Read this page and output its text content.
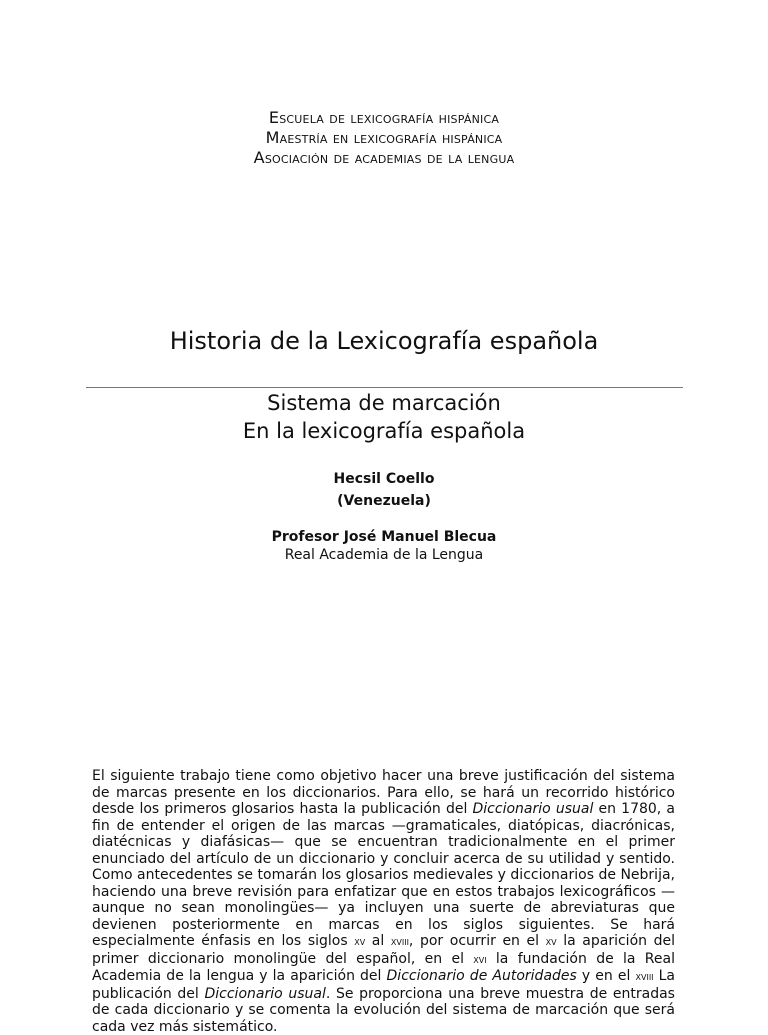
Escuela de lexicografía hispánica
Maestría en lexicografía hispánica
Asociación de academias de la lengua
Historia de la Lexicografía española
Sistema de marcación
En la lexicografía española
Hecsil Coello
(Venezuela)
Profesor José Manuel Blecua
Real Academia de la Lengua

El siguiente trabajo tiene como objetivo hacer una breve justificación del sistema de marcas presente en los diccionarios. Para ello, se hará un recorrido histórico desde los primeros glosarios hasta la publicación del Diccionario usual en 1780, a fin de entender el origen de las marcas —gramaticales, diatópicas, diacrónicas, diatécnicas y diafásicas— que se encuentran tradicionalmente en el primer enunciado del artículo de un diccionario y concluir acerca de su utilidad y sentido. Como antecedentes se tomarán los glosarios medievales y diccionarios de Nebrija, haciendo una breve revisión para enfatizar que en estos trabajos lexicográficos —aunque no sean monolingües— ya incluyen una suerte de abreviaturas que devienen posteriormente en marcas en los siglos siguientes. Se hará especialmente énfasis en los siglos xv al xviii, por ocurrir en el xv la aparición del primer diccionario monolingüe del español, en el xvi la fundación de la Real Academia de la lengua y la aparición del Diccionario de Autoridades y en el xviii La publicación del Diccionario usual. Se proporciona una breve muestra de entradas de cada diccionario y se comenta la evolución del sistema de marcación que será cada vez más sistemático.
